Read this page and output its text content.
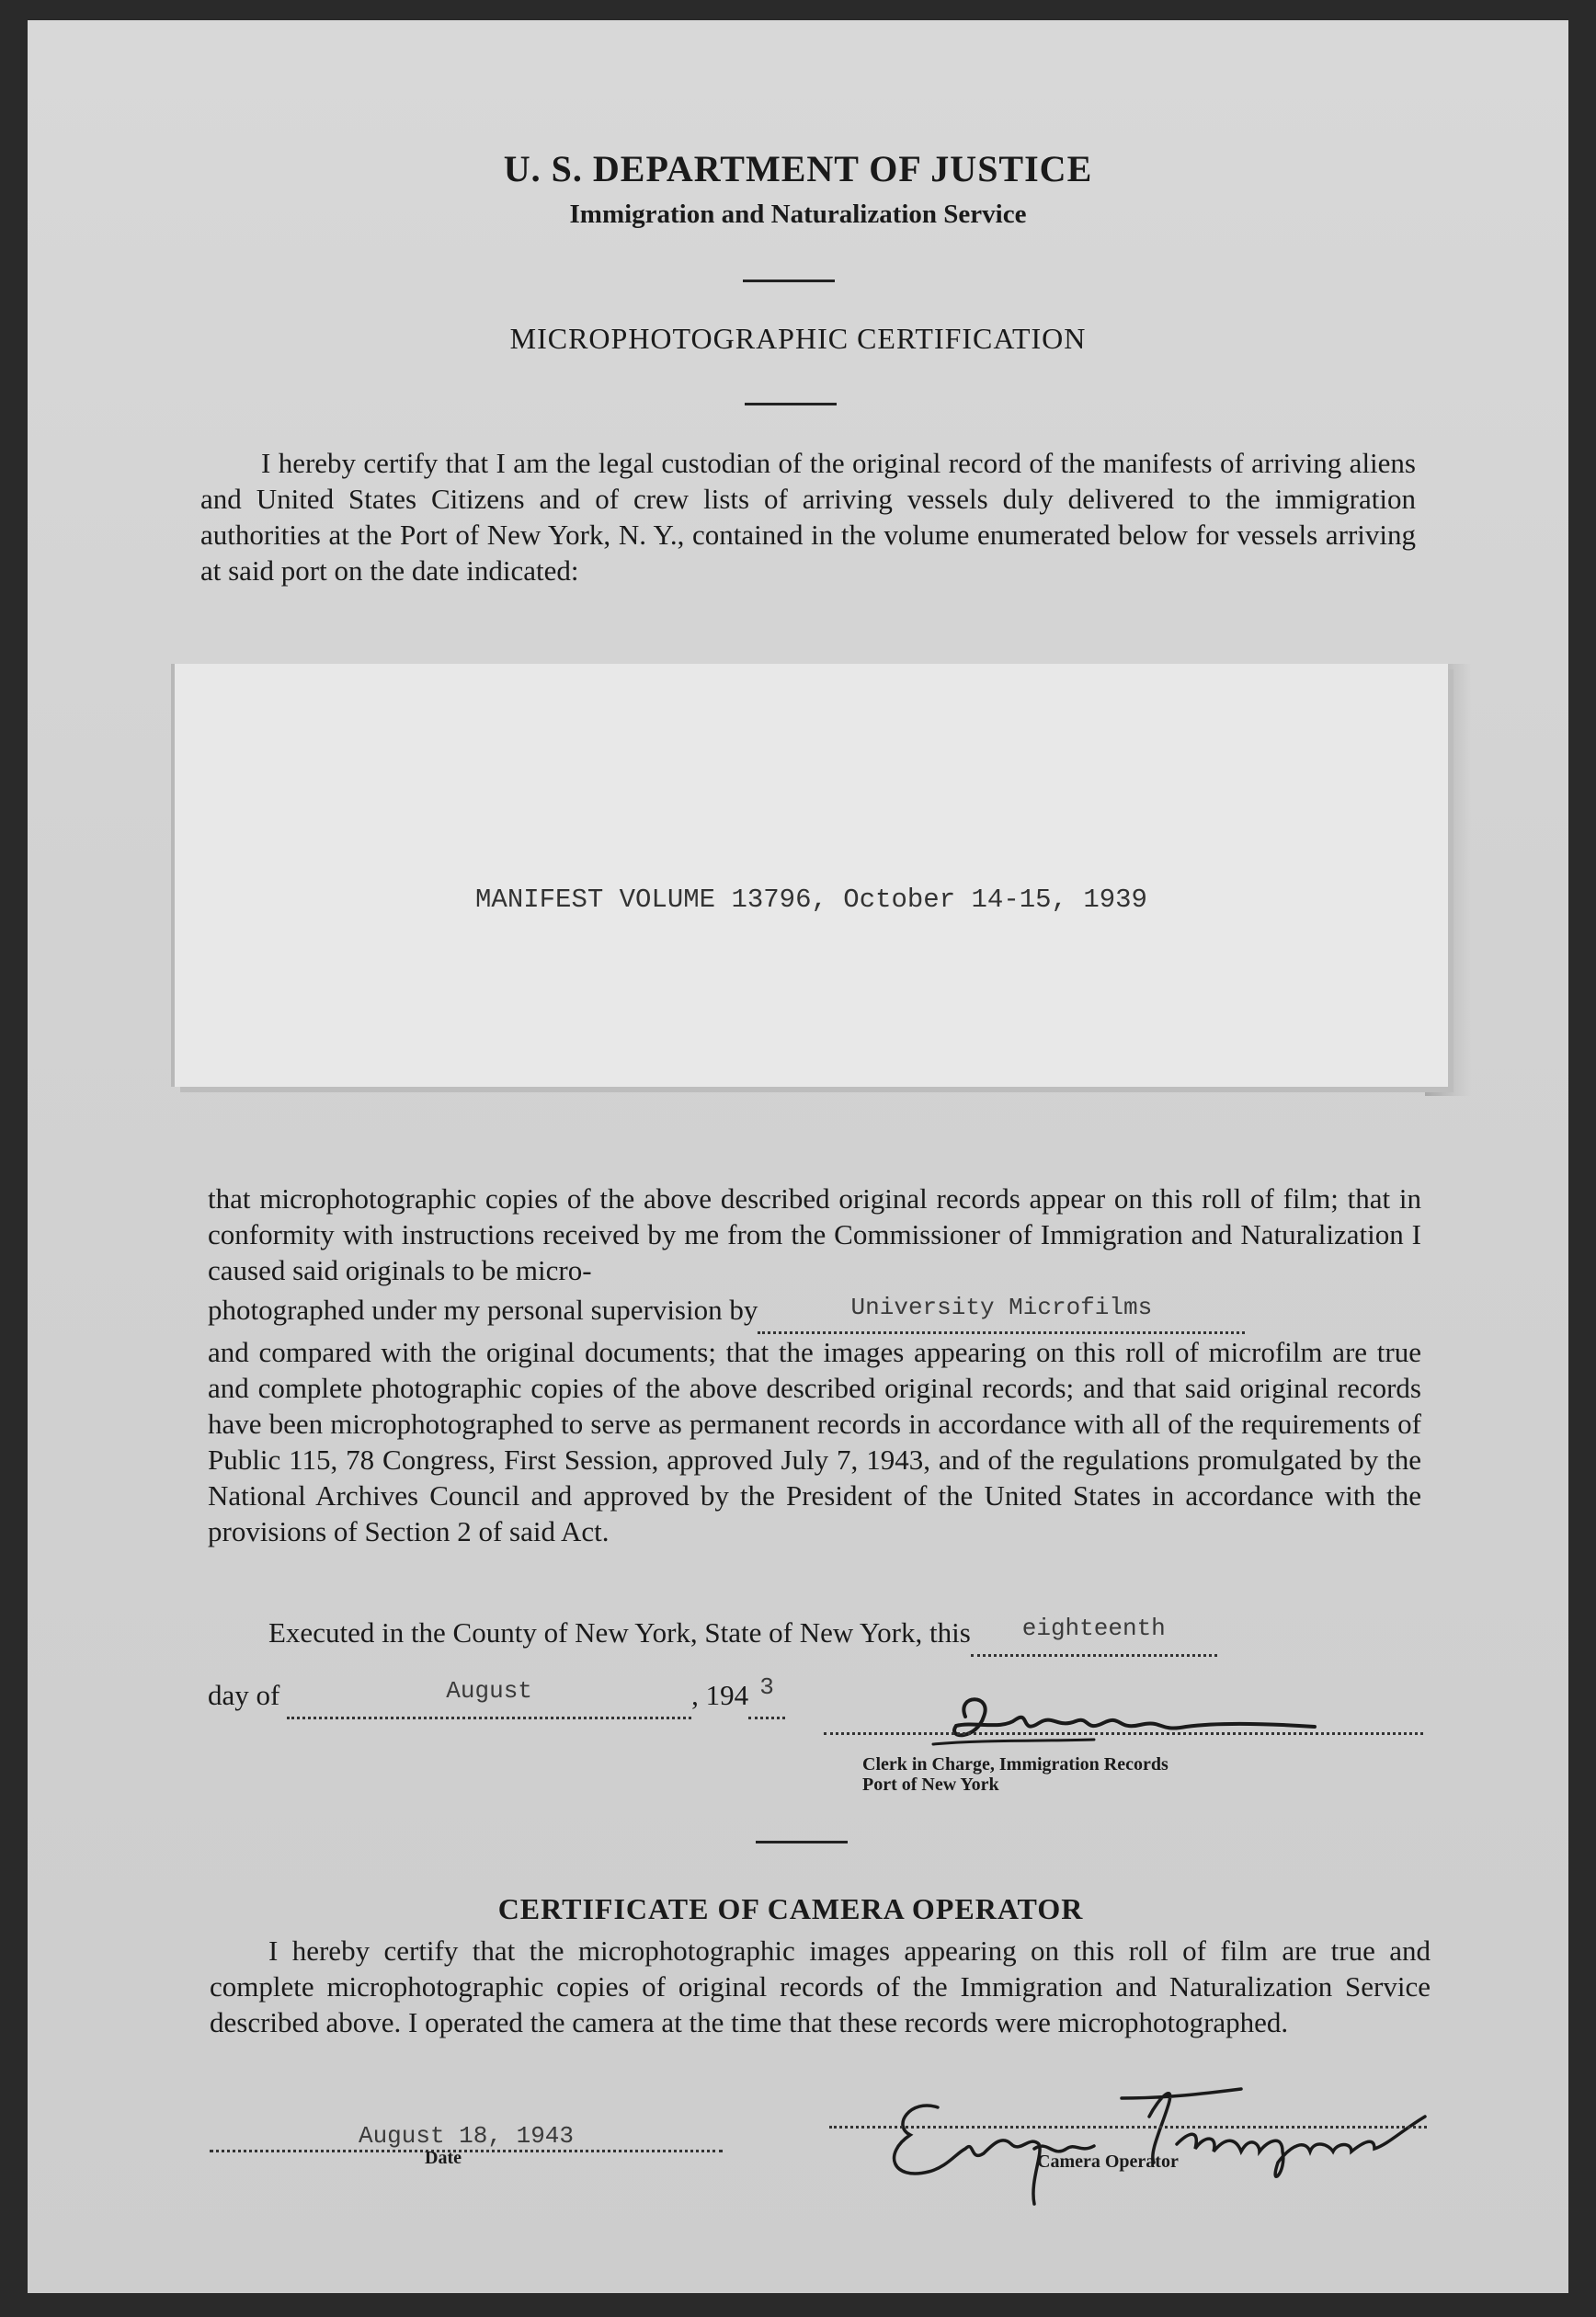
U. S. DEPARTMENT OF JUSTICE
Immigration and Naturalization Service
MICROPHOTOGRAPHIC CERTIFICATION
I hereby certify that I am the legal custodian of the original record of the manifests of arriving aliens and United States Citizens and of crew lists of arriving vessels duly delivered to the immigration authorities at the Port of New York, N. Y., contained in the volume enumerated below for vessels arriving at said port on the date indicated:
MANIFEST VOLUME 13796, October 14-15, 1939

that microphotographic copies of the above described original records appear on this roll of film; that in conformity with instructions received by me from the Commissioner of Immigration and Naturalization I caused said originals to be micro-

photographed under my personal supervision by	University Microfilms

and compared with the original documents; that the images appearing on this roll of microfilm are true and complete photographic copies of the above described original records; and that said original records have been microphotographed to serve as permanent records in accordance with all of the requirements of Public 115, 78 Congress, First Session, approved July 7, 1943, and of the regulations promulgated by the National Archives Council and approved by the President of the United States in accordance with the provisions of Section 2 of said Act.

Executed in the County of New York, State of New York, this $^{eighteenth}$
day of	$^{August}$	, 194 $^3$
Clerk in Charge, Immigration Records
Port of New York
CERTIFICATE OF CAMERA OPERATOR
I hereby certify that the microphotographic images appearing on this roll of film are true and complete microphotographic copies of original records of the Immigration and Naturalization Service described above. I operated the camera at the time that these records were microphotographed.
August 18, 1943
Date	Camera Operator
